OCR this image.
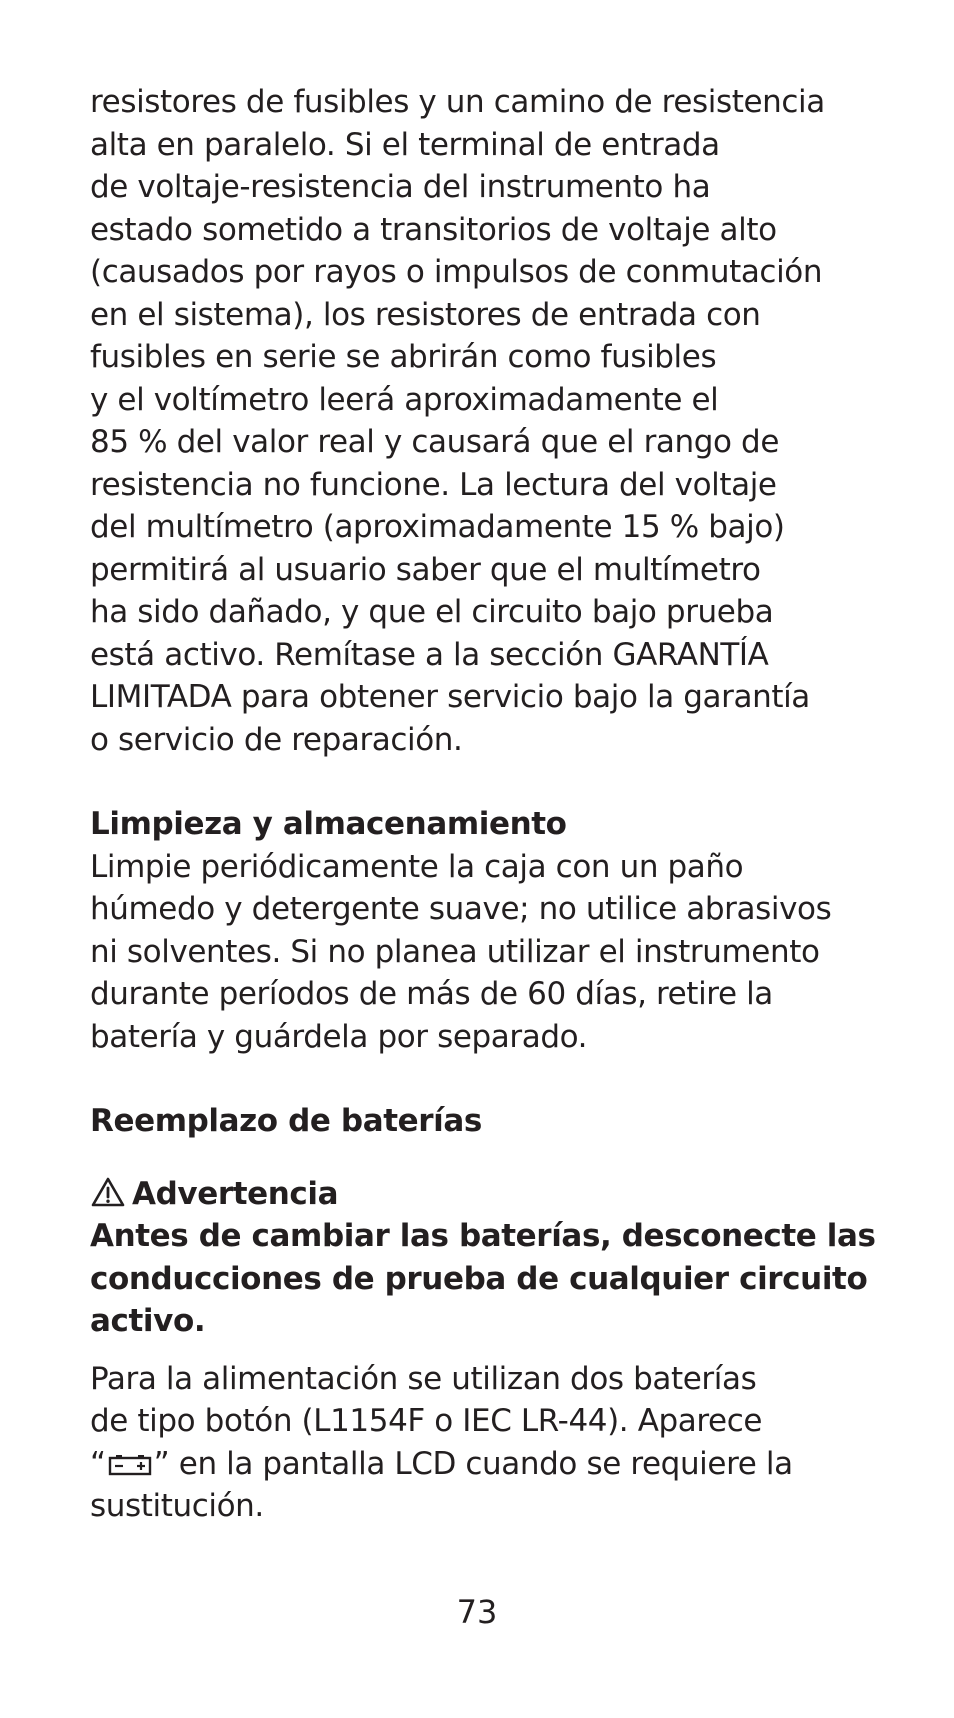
resistores de fusibles y un camino de resistencia
alta en paralelo. Si el terminal de entrada
de voltaje-resistencia del instrumento ha
estado sometido a transitorios de voltaje alto
(causados por rayos o impulsos de conmutación
en el sistema), los resistores de entrada con
fusibles en serie se abrirán como fusibles
y el voltímetro leerá aproximadamente el
85 % del valor real y causará que el rango de
resistencia no funcione. La lectura del voltaje
del multímetro (aproximadamente 15 % bajo)
permitirá al usuario saber que el multímetro
ha sido dañado, y que el circuito bajo prueba
está activo. Remítase a la sección GARANTÍA
LIMITADA para obtener servicio bajo la garantía
o servicio de reparación.
Limpieza y almacenamiento
Limpie periódicamente la caja con un paño
húmedo y detergente suave; no utilice abrasivos
ni solventes. Si no planea utilizar el instrumento
durante períodos de más de 60 días, retire la
batería y guárdela por separado.
Reemplazo de baterías
Advertencia
Antes de cambiar las baterías, desconecte las
conducciones de prueba de cualquier circuito
activo.
Para la alimentación se utilizan dos baterías
de tipo botón (L1154F o IEC LR-44). Aparece
“ ” en la pantalla LCD cuando se requiere la
sustitución.
73
